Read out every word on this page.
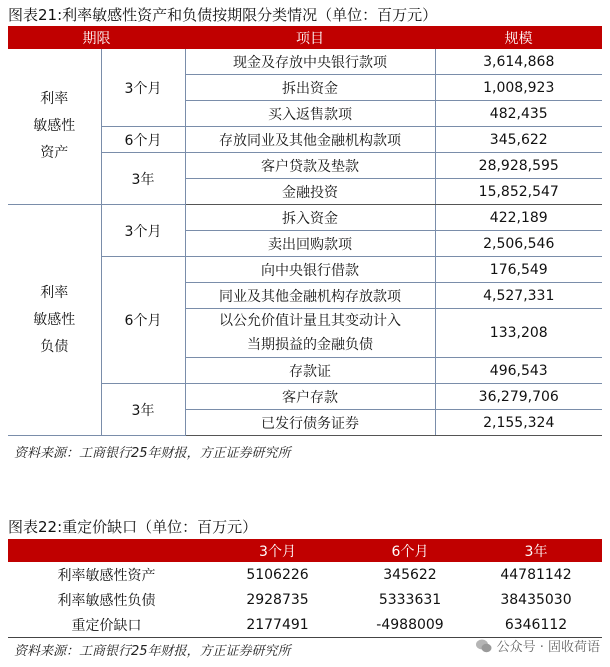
图表21:利率敏感性资产和负债按期限分类情况（单位：百万元）
期限		项目	规模
利率
敏感性
资产	3个月	现金及存放中央银行款项	3,614,868
		拆出资金	1,008,923
		买入返售款项	482,435
	6个月	存放同业及其他金融机构款项	345,622
	3年	客户贷款及垫款	28,928,595
		金融投资	15,852,547
利率
敏感性
负债	3个月	拆入资金	422,189
		卖出回购款项	2,506,546
	6个月	向中央银行借款	176,549
		同业及其他金融机构存放款项	4,527,331
		以公允价值计量且其变动计入
当期损益的金融负债	133,208
		存款证	496,543
	3年	客户存款	36,279,706
		已发行债务证券	2,155,324
资料来源：工商银行25年财报，方正证券研究所
图表22:重定价缺口（单位：百万元）
	3个月	6个月	3年
利率敏感性资产	5106226	345622	44781142
利率敏感性负债	2928735	5333631	38435030
重定价缺口	2177491	-4988009	6346112
资料来源：工商银行25年财报，方正证券研究所	公众号 · 固收荷语
